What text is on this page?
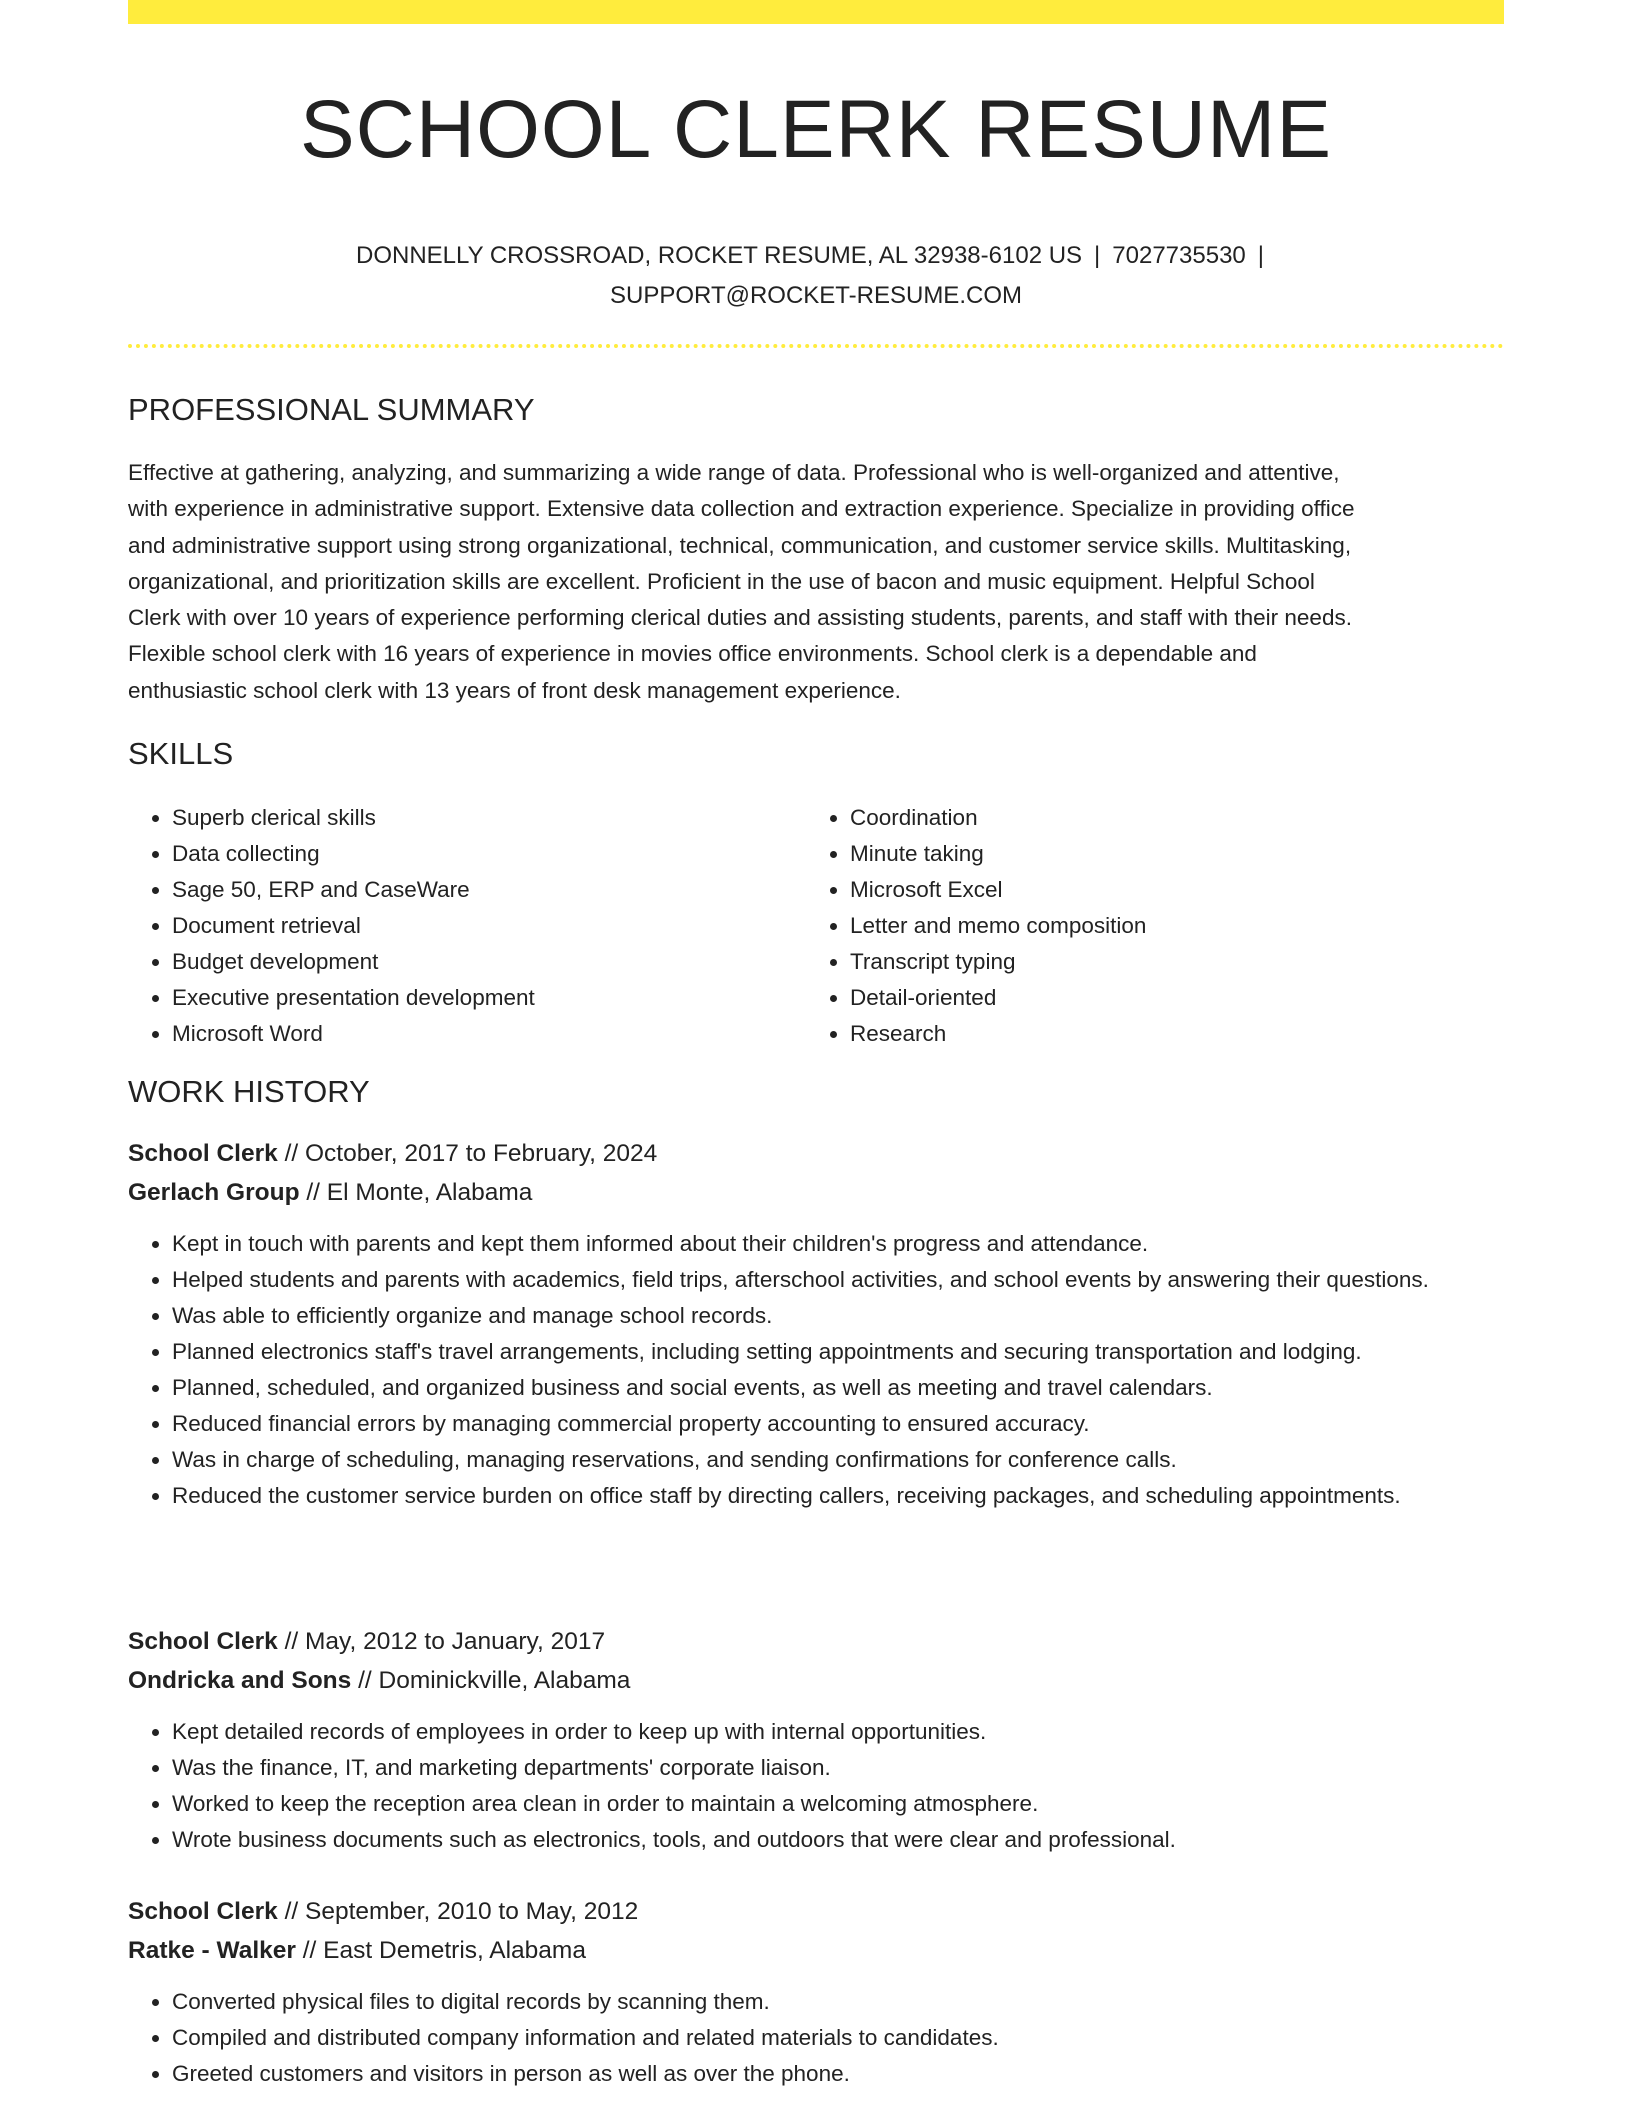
SCHOOL CLERK RESUME
DONNELLY CROSSROAD, ROCKET RESUME, AL 32938-6102 US | 7027735530 |
SUPPORT@ROCKET-RESUME.COM
PROFESSIONAL SUMMARY
Effective at gathering, analyzing, and summarizing a wide range of data. Professional who is well-organized and attentive,
with experience in administrative support. Extensive data collection and extraction experience. Specialize in providing office
and administrative support using strong organizational, technical, communication, and customer service skills. Multitasking,
organizational, and prioritization skills are excellent. Proficient in the use of bacon and music equipment. Helpful School
Clerk with over 10 years of experience performing clerical duties and assisting students, parents, and staff with their needs.
Flexible school clerk with 16 years of experience in movies office environments. School clerk is a dependable and
enthusiastic school clerk with 13 years of front desk management experience.
SKILLS
• Superb clerical skills
• Data collecting
• Sage 50, ERP and CaseWare
• Document retrieval
• Budget development
• Executive presentation development
• Microsoft Word
• Coordination
• Minute taking
• Microsoft Excel
• Letter and memo composition
• Transcript typing
• Detail-oriented
• Research
WORK HISTORY
School Clerk // October, 2017 to February, 2024
Gerlach Group // El Monte, Alabama
• Kept in touch with parents and kept them informed about their children's progress and attendance.
• Helped students and parents with academics, field trips, afterschool activities, and school events by answering their questions.
• Was able to efficiently organize and manage school records.
• Planned electronics staff's travel arrangements, including setting appointments and securing transportation and lodging.
• Planned, scheduled, and organized business and social events, as well as meeting and travel calendars.
• Reduced financial errors by managing commercial property accounting to ensured accuracy.
• Was in charge of scheduling, managing reservations, and sending confirmations for conference calls.
• Reduced the customer service burden on office staff by directing callers, receiving packages, and scheduling appointments.
School Clerk // May, 2012 to January, 2017
Ondricka and Sons // Dominickville, Alabama
• Kept detailed records of employees in order to keep up with internal opportunities.
• Was the finance, IT, and marketing departments' corporate liaison.
• Worked to keep the reception area clean in order to maintain a welcoming atmosphere.
• Wrote business documents such as electronics, tools, and outdoors that were clear and professional.
School Clerk // September, 2010 to May, 2012
Ratke - Walker // East Demetris, Alabama
• Converted physical files to digital records by scanning them.
• Compiled and distributed company information and related materials to candidates.
• Greeted customers and visitors in person as well as over the phone.
